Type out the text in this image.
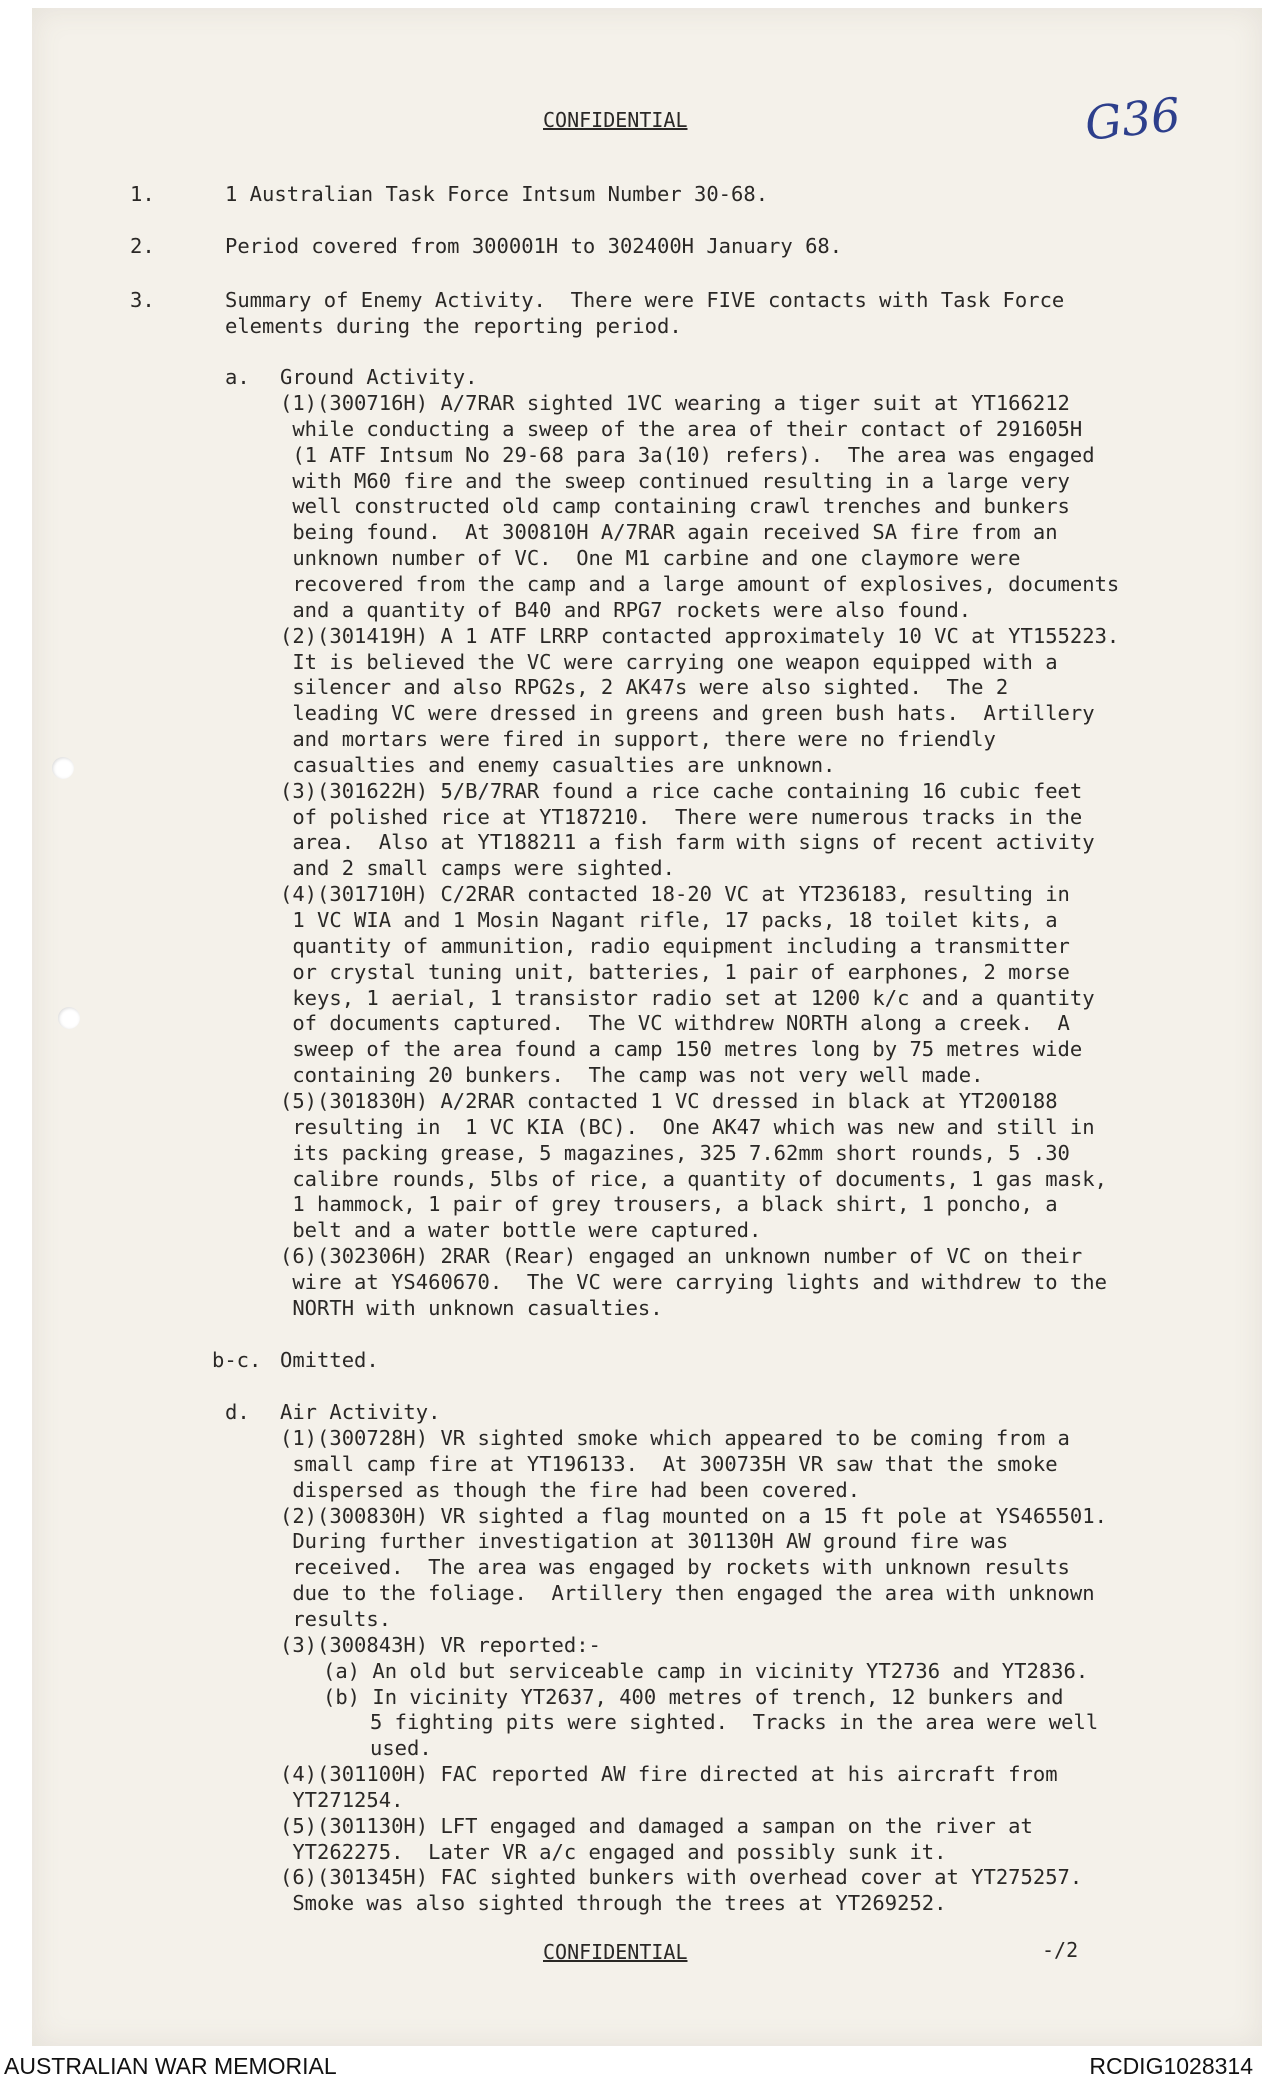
CONFIDENTIAL	G36
1.	1 Australian Task Force Intsum Number 30-68.
2.	Period covered from 300001H to 302400H January 68.
3.	Summary of Enemy Activity.  There were FIVE contacts with Task Force
elements during the reporting period.
a. Ground Activity.
(1)(300716H) A/7RAR sighted 1VC wearing a tiger suit at YT166212
while conducting a sweep of the area of their contact of 291605H
(1 ATF Intsum No 29-68 para 3a(10) refers).  The area was engaged
with M60 fire and the sweep continued resulting in a large very
well constructed old camp containing crawl trenches and bunkers
being found.  At 300810H A/7RAR again received SA fire from an
unknown number of VC.  One M1 carbine and one claymore were
recovered from the camp and a large amount of explosives, documents
and a quantity of B40 and RPG7 rockets were also found.
(2)(301419H) A 1 ATF LRRP contacted approximately 10 VC at YT155223.
It is believed the VC were carrying one weapon equipped with a
silencer and also RPG2s, 2 AK47s were also sighted.  The 2
leading VC were dressed in greens and green bush hats.  Artillery
and mortars were fired in support, there were no friendly
casualties and enemy casualties are unknown.
(3)(301622H) 5/B/7RAR found a rice cache containing 16 cubic feet
of polished rice at YT187210.  There were numerous tracks in the
area.  Also at YT188211 a fish farm with signs of recent activity
and 2 small camps were sighted.
(4)(301710H) C/2RAR contacted 18-20 VC at YT236183, resulting in
1 VC WIA and 1 Mosin Nagant rifle, 17 packs, 18 toilet kits, a
quantity of ammunition, radio equipment including a transmitter
or crystal tuning unit, batteries, 1 pair of earphones, 2 morse
keys, 1 aerial, 1 transistor radio set at 1200 k/c and a quantity
of documents captured.  The VC withdrew NORTH along a creek.  A
sweep of the area found a camp 150 metres long by 75 metres wide
containing 20 bunkers.  The camp was not very well made.
(5)(301830H) A/2RAR contacted 1 VC dressed in black at YT200188
resulting in  1 VC KIA (BC).  One AK47 which was new and still in
its packing grease, 5 magazines, 325 7.62mm short rounds, 5 .30
calibre rounds, 5lbs of rice, a quantity of documents, 1 gas mask,
1 hammock, 1 pair of grey trousers, a black shirt, 1 poncho, a
belt and a water bottle were captured.
(6)(302306H) 2RAR (Rear) engaged an unknown number of VC on their
wire at YS460670.  The VC were carrying lights and withdrew to the
NORTH with unknown casualties.
b-c. Omitted.
d. Air Activity.
(1)(300728H) VR sighted smoke which appeared to be coming from a
small camp fire at YT196133.  At 300735H VR saw that the smoke
dispersed as though the fire had been covered.
(2)(300830H) VR sighted a flag mounted on a 15 ft pole at YS465501.
During further investigation at 301130H AW ground fire was
received.  The area was engaged by rockets with unknown results
due to the foliage.  Artillery then engaged the area with unknown
results.
(3)(300843H) VR reported:-
(a) An old but serviceable camp in vicinity YT2736 and YT2836.
(b) In vicinity YT2637, 400 metres of trench, 12 bunkers and
5 fighting pits were sighted.  Tracks in the area were well
used.
(4)(301100H) FAC reported AW fire directed at his aircraft from
YT271254.
(5)(301130H) LFT engaged and damaged a sampan on the river at
YT262275.  Later VR a/c engaged and possibly sunk it.
(6)(301345H) FAC sighted bunkers with overhead cover at YT275257.
Smoke was also sighted through the trees at YT269252.
CONFIDENTIAL	-/2
AUSTRALIAN WAR MEMORIAL	RCDIG1028314
